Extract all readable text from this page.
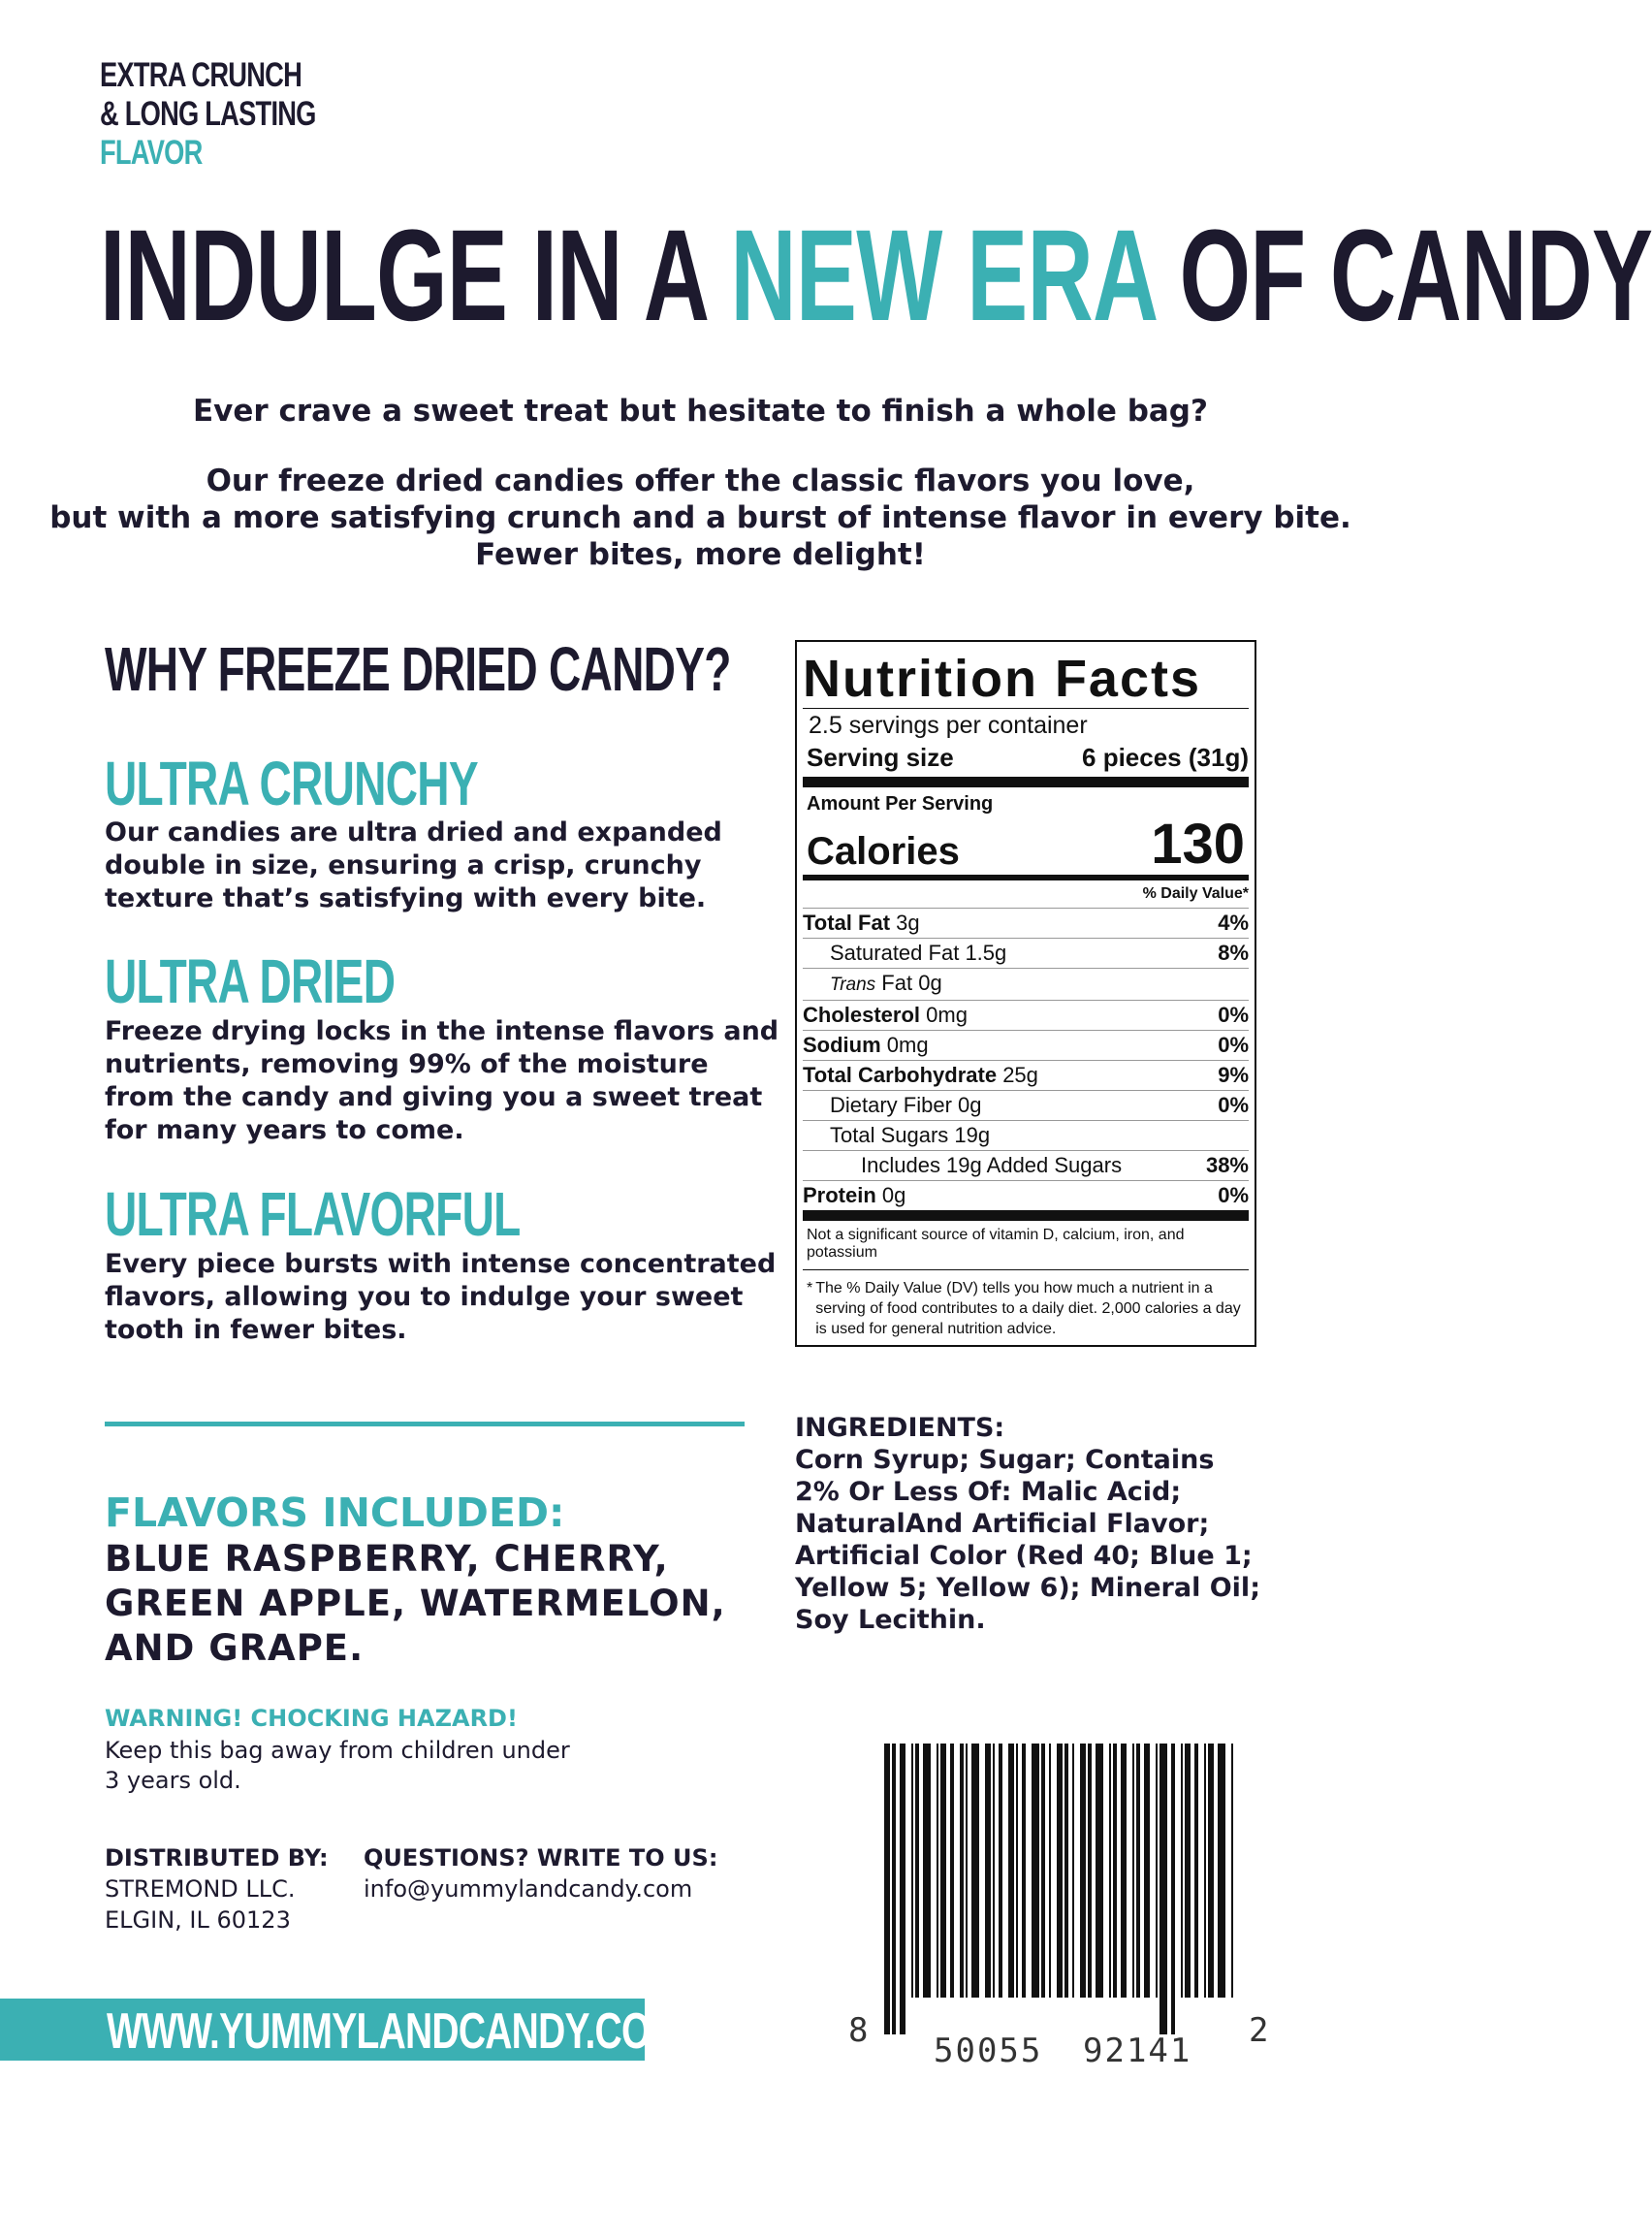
EXTRA CRUNCH
& LONG LASTING
FLAVOR
INDULGE IN A NEW ERA OF CANDY

Ever crave a sweet treat but hesitate to finish a whole bag?

Our freeze dried candies offer the classic flavors you love,
but with a more satisfying crunch and a burst of intense flavor in every bite.
Fewer bites, more delight!
WHY FREEZE DRIED CANDY?
ULTRA CRUNCHY
Our candies are ultra dried and expanded double in size, ensuring a crisp, crunchy texture that’s satisfying with every bite.
ULTRA DRIED
Freeze drying locks in the intense flavors and nutrients, removing 99% of the moisture from the candy and giving you a sweet treat for many years to come.
ULTRA FLAVORFUL
Every piece bursts with intense concentrated flavors, allowing you to indulge your sweet tooth in fewer bites.
Nutrition Facts
2.5 servings per container
Serving size	6 pieces (31g)
Amount Per Serving
Calories	130
% Daily Value*
Total Fat 3g	4%
Saturated Fat 1.5g	8%
Trans Fat 0g
Cholesterol 0mg	0%
Sodium 0mg	0%
Total Carbohydrate 25g	9%
Dietary Fiber 0g	0%
Total Sugars 19g
Includes 19g Added Sugars	38%
Protein 0g	0%
Not a significant source of vitamin D, calcium, iron, and potassium
* The % Daily Value (DV) tells you how much a nutrient in a serving of food contributes to a daily diet. 2,000 calories a day is used for general nutrition advice.
INGREDIENTS:
Corn Syrup; Sugar; Contains 2% Or Less Of: Malic Acid; NaturalAnd Artificial Flavor; Artificial Color (Red 40; Blue 1; Yellow 5; Yellow 6); Mineral Oil; Soy Lecithin.
FLAVORS INCLUDED:
BLUE RASPBERRY, CHERRY, GREEN APPLE, WATERMELON, AND GRAPE.
WARNING! CHOCKING HAZARD!
Keep this bag away from children under 3 years old.
DISTRIBUTED BY:
STREMOND LLC.
ELGIN, IL 60123
QUESTIONS? WRITE TO US:
info@yummylandcandy.com
WWW.YUMMYLANDCANDY.COM	8
50055 92141
2
